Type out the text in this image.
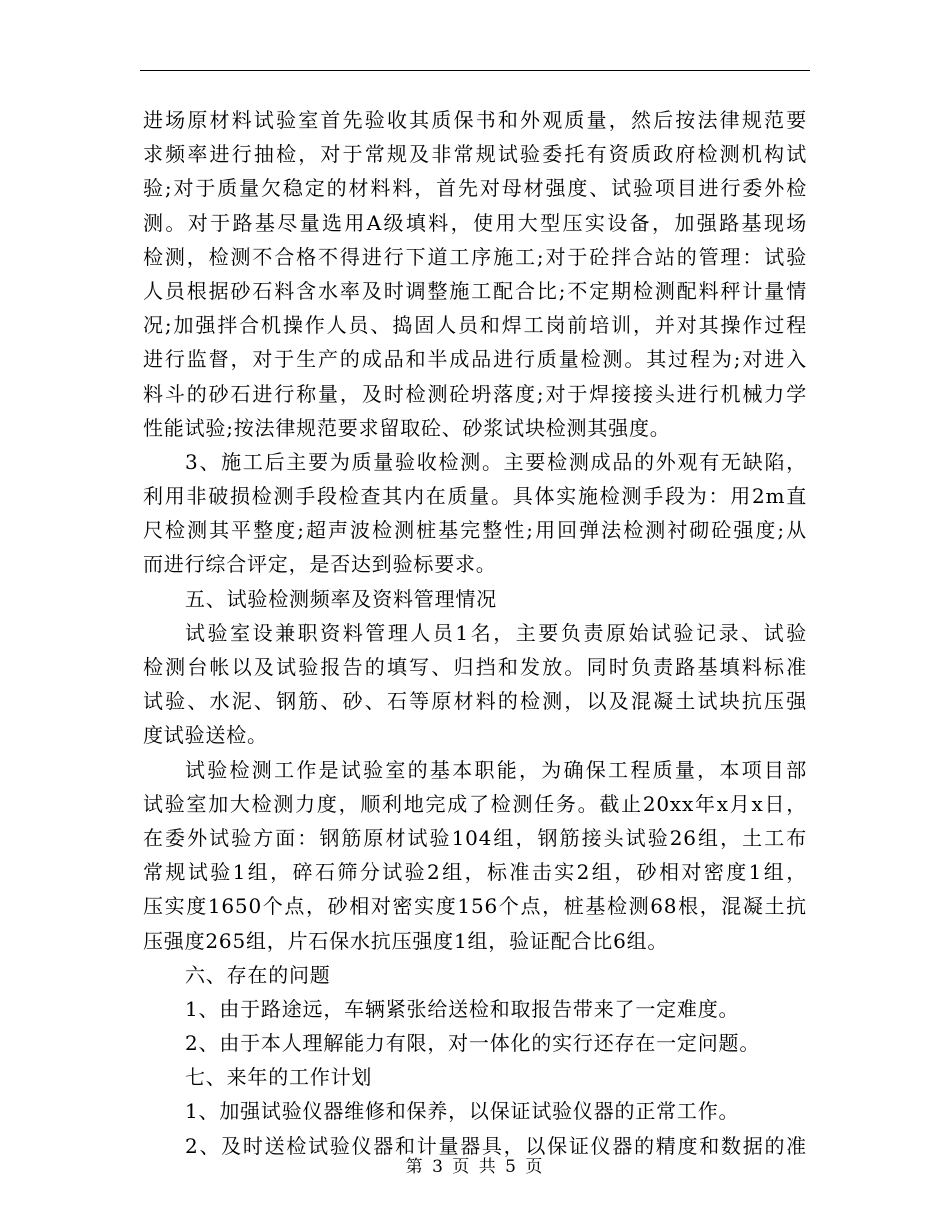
进场原材料试验室首先验收其质保书和外观质量，然后按法律规范要
求频率进行抽检，对于常规及非常规试验委托有资质政府检测机构试
验;对于质量欠稳定的材料料，首先对母材强度、试验项目进行委外检
测。对于路基尽量选用A级填料，使用大型压实设备，加强路基现场
检测，检测不合格不得进行下道工序施工;对于砼拌合站的管理：试验
人员根据砂石料含水率及时调整施工配合比;不定期检测配料秤计量情
况;加强拌合机操作人员、捣固人员和焊工岗前培训，并对其操作过程
进行监督，对于生产的成品和半成品进行质量检测。其过程为;对进入
料斗的砂石进行称量，及时检测砼坍落度;对于焊接接头进行机械力学
性能试验;按法律规范要求留取砼、砂浆试块检测其强度。
3、施工后主要为质量验收检测。主要检测成品的外观有无缺陷，
利用非破损检测手段检查其内在质量。具体实施检测手段为：用2m直
尺检测其平整度;超声波检测桩基完整性;用回弹法检测衬砌砼强度;从
而进行综合评定，是否达到验标要求。
五、试验检测频率及资料管理情况
试验室设兼职资料管理人员1名，主要负责原始试验记录、试验
检测台帐以及试验报告的填写、归挡和发放。同时负责路基填料标准
试验、水泥、钢筋、砂、石等原材料的检测，以及混凝土试块抗压强
度试验送检。
试验检测工作是试验室的基本职能，为确保工程质量，本项目部
试验室加大检测力度，顺利地完成了检测任务。截止20xx年x月x日，
在委外试验方面：钢筋原材试验104组，钢筋接头试验26组，土工布
常规试验1组，碎石筛分试验2组，标准击实2组，砂相对密度1组，
压实度1650个点，砂相对密实度156个点，桩基检测68根，混凝土抗
压强度265组，片石保水抗压强度1组，验证配合比6组。
六、存在的问题
1、由于路途远，车辆紧张给送检和取报告带来了一定难度。
2、由于本人理解能力有限，对一体化的实行还存在一定问题。
七、来年的工作计划
1、加强试验仪器维修和保养，以保证试验仪器的正常工作。
2、及时送检试验仪器和计量器具，以保证仪器的精度和数据的准
第 3 页 共 5 页
